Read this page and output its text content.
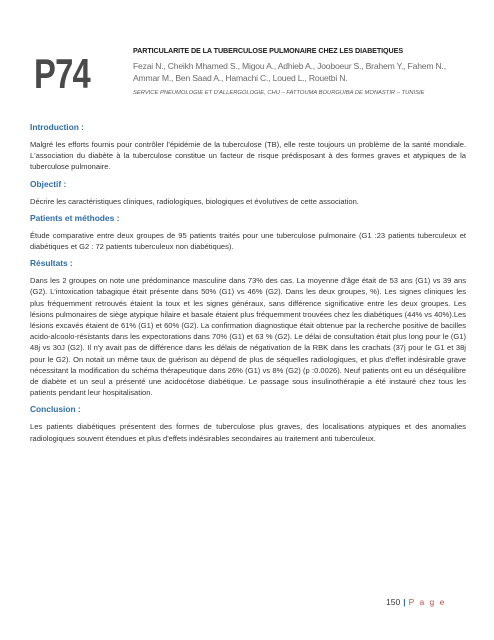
P74	PARTICULARITE DE LA TUBERCULOSE PULMONAIRE CHEZ LES DIABETIQUES

Fezai N., Cheikh Mhamed S., Migou A., Adhieb A., Jooboeur S., Brahem Y., Fahem N., Ammar M., Ben Saad A., Hamachi C., Loued L., Rouetbi N.

SERVICE PNEUMOLOGIE ET D'ALLERGOLOGIE, CHU – FATTOUMA BOURGUIBA DE MONASTIR – TUNISIE

Introduction :

Malgré les efforts fournis pour contrôler l'épidémie de la tuberculose (TB), elle reste toujours un problème de la santé mondiale. L'association du diabète à la tuberculose constitue un facteur de risque prédisposant à des formes graves et atypiques de la tuberculose pulmonaire.

Objectif :

Décrire les caractéristiques cliniques, radiologiques, biologiques et évolutives de cette association.

Patients et méthodes :

Étude comparative entre deux groupes de 95 patients traités pour une tuberculose pulmonaire (G1 :23 patients tuberculeux et diabétiques et G2 : 72 patients tuberculeux non diabétiques).

Résultats :

Dans les 2 groupes on note une prédominance masculine dans 73% des cas. La moyenne d'âge était de 53 ans (G1) vs 39 ans (G2). L'intoxication tabagique était présente dans 50% (G1) vs 46% (G2). Dans les deux groupes, %). Les signes cliniques les plus fréquemment retrouvés étaient la toux et les signes généraux, sans différence significative entre les deux groupes. Les lésions pulmonaires de siège atypique hilaire et basale étaient plus fréquemment trouvées chez les diabétiques (44% vs 40%).Les lésions excavés étaient de 61% (G1) et 60% (G2). La confirmation diagnostique était obtenue par la recherche positive de bacilles acido-alcoolo-résistants dans les expectorations dans 70% (G1) et 63 % (G2). Le délai de consultation était plus long pour le (G1) 48j vs 30J (G2). Il n'y avait pas de différence dans les délais de négativation de la RBK dans les crachats (37j pour le G1 et 38j pour le G2). On notait un même taux de guérison au dépend de plus de séquelles radiologiques, et plus d'effet indésirable grave nécessitant la modification du schéma thérapeutique dans 26% (G1) vs 8% (G2) (p :0.0026). Neuf patients ont eu un déséquilibre de diabète et un seul a présenté une acidocétose diabétique. Le passage sous insulinothérapie a été instauré chez tous les patients pendant leur hospitalisation.

Conclusion :

Les patients diabétiques présentent des formes de tuberculose plus graves, des localisations atypiques et des anomalies radiologiques souvent étendues et plus d'effets indésirables secondaires au traitement anti tuberculeux.

150 | P a g e
